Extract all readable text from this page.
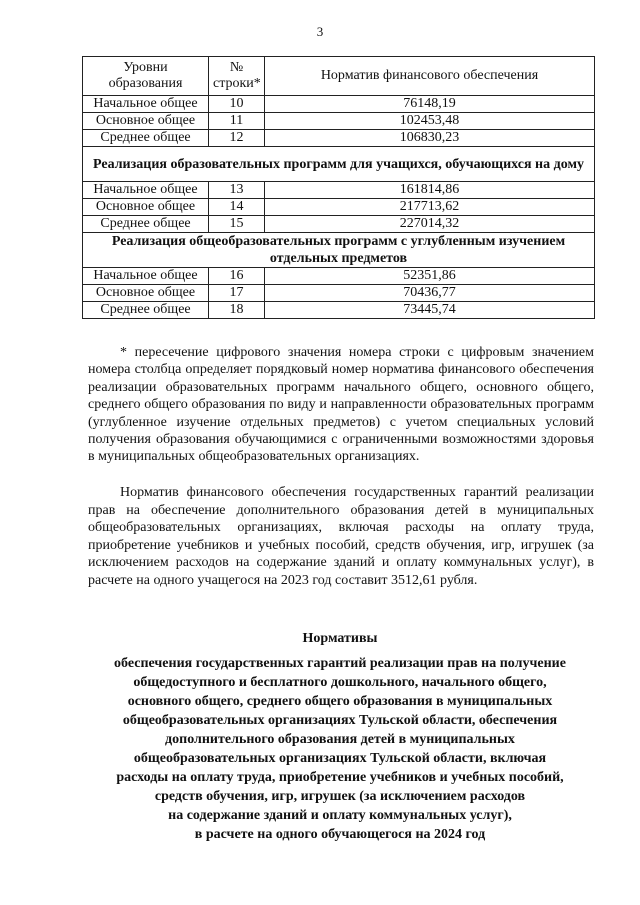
3
Уровни образования	№ строки*	Норматив финансового обеспечения
Начальное общее	10	76148,19
Основное общее	11	102453,48
Среднее общее	12	106830,23
Реализация образовательных программ для учащихся, обучающихся на дому		
Начальное общее	13	161814,86
Основное общее	14	217713,62
Среднее общее	15	227014,32
Реализация общеобразовательных программ с углубленным изучением отдельных предметов		
Начальное общее	16	52351,86
Основное общее	17	70436,77
Среднее общее	18	73445,74

* пересечение цифрового значения номера строки с цифровым значением номера столбца определяет порядковый номер норматива финансового обеспечения реализации образовательных программ начального общего, основного общего, среднего общего образования по виду и направленности образовательных программ (углубленное изучение отдельных предметов) с учетом специальных условий получения образования обучающимися с ограниченными возможностями здоровья в муниципальных общеобразовательных организациях.

Норматив финансового обеспечения государственных гарантий реализации прав на обеспечение дополнительного образования детей в муниципальных общеобразовательных организациях, включая расходы на оплату труда, приобретение учебников и учебных пособий, средств обучения, игр, игрушек (за исключением расходов на содержание зданий и оплату коммунальных услуг), в расчете на одного учащегося на 2023 год составит 3512,61 рубля.

Нормативы
обеспечения государственных гарантий реализации прав на получение
общедоступного и бесплатного дошкольного, начального общего,
основного общего, среднего общего образования в муниципальных
общеобразовательных организациях Тульской области, обеспечения
дополнительного образования детей в муниципальных
общеобразовательных организациях Тульской области, включая
расходы на оплату труда, приобретение учебников и учебных пособий,
средств обучения, игр, игрушек (за исключением расходов
на содержание зданий и оплату коммунальных услуг),
в расчете на одного обучающегося на 2024 год
